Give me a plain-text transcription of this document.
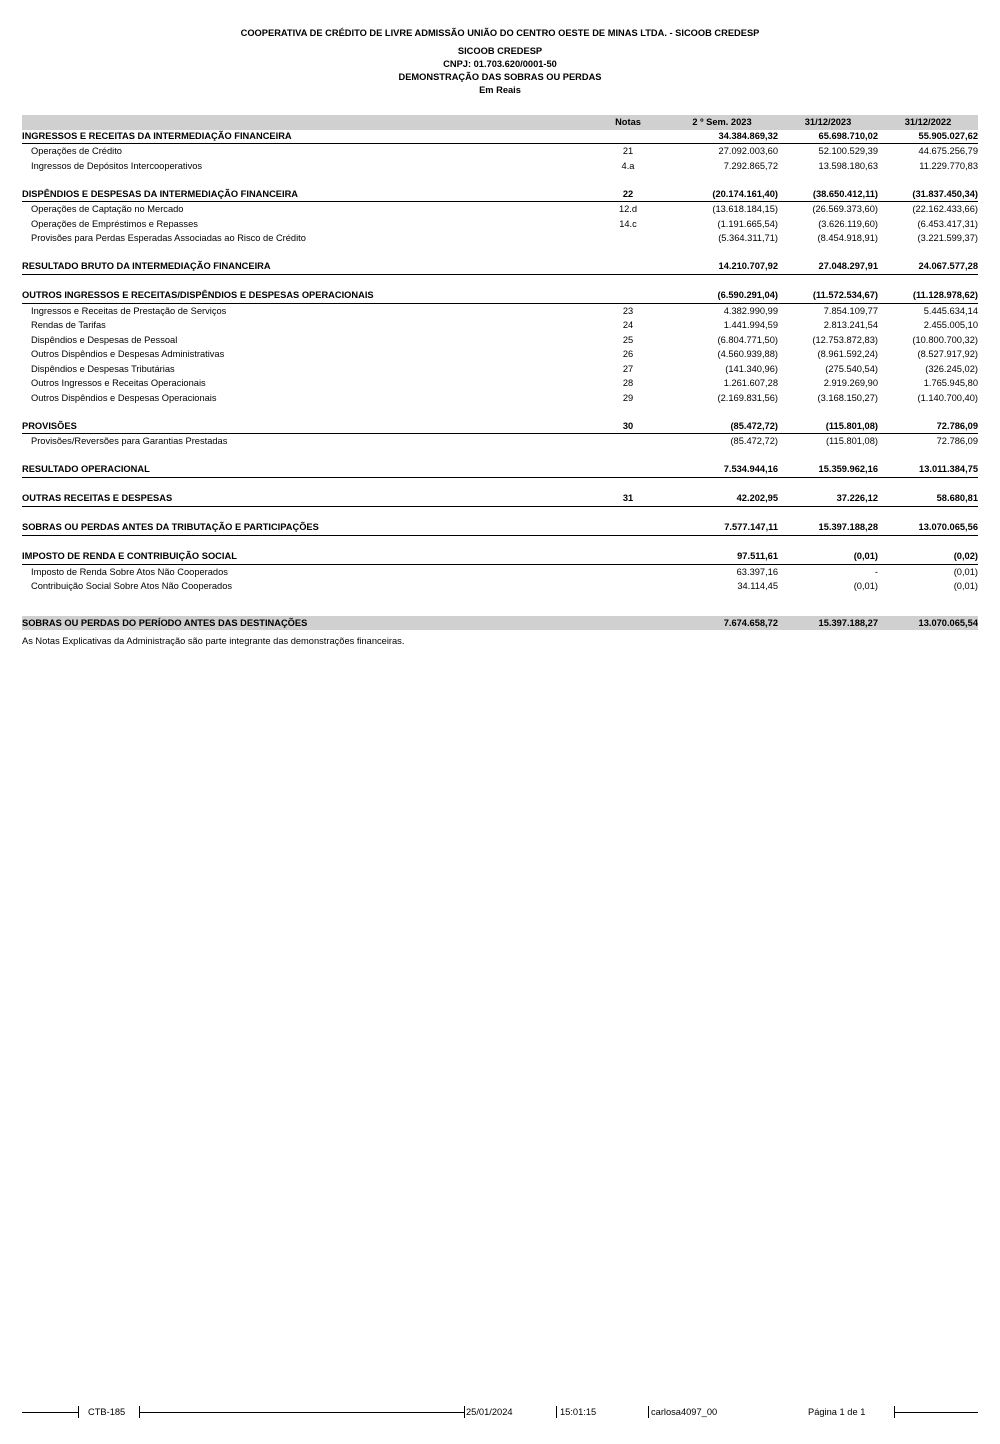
COOPERATIVA DE CRÉDITO DE LIVRE ADMISSÃO UNIÃO DO CENTRO OESTE DE MINAS LTDA. - SICOOB CREDESP
SICOOB CREDESP
CNPJ: 01.703.620/0001-50
DEMONSTRAÇÃO DAS SOBRAS OU PERDAS
Em Reais
Notas	2 º Sem. 2023	31/12/2023	31/12/2022
INGRESSOS E RECEITAS DA INTERMEDIAÇÃO FINANCEIRA	34.384.869,32	65.698.710,02	55.905.027,62
Operações de Crédito	21	27.092.003,60	52.100.529,39	44.675.256,79
Ingressos de Depósitos Intercooperativos	4.a	7.292.865,72	13.598.180,63	11.229.770,83
DISPÊNDIOS E DESPESAS DA INTERMEDIAÇÃO FINANCEIRA	22	(20.174.161,40)	(38.650.412,11)	(31.837.450,34)
Operações de Captação no Mercado	12.d	(13.618.184,15)	(26.569.373,60)	(22.162.433,66)
Operações de Empréstimos e Repasses	14.c	(1.191.665,54)	(3.626.119,60)	(6.453.417,31)
Provisões para Perdas Esperadas Associadas ao Risco de Crédito	(5.364.311,71)	(8.454.918,91)	(3.221.599,37)
RESULTADO BRUTO DA INTERMEDIAÇÃO FINANCEIRA	14.210.707,92	27.048.297,91	24.067.577,28
OUTROS INGRESSOS E RECEITAS/DISPÊNDIOS E DESPESAS OPERACIONAIS	(6.590.291,04)	(11.572.534,67)	(11.128.978,62)
Ingressos e Receitas de Prestação de Serviços	23	4.382.990,99	7.854.109,77	5.445.634,14
Rendas de Tarifas	24	1.441.994,59	2.813.241,54	2.455.005,10
Dispêndios e Despesas de Pessoal	25	(6.804.771,50)	(12.753.872,83)	(10.800.700,32)
Outros Dispêndios e Despesas Administrativas	26	(4.560.939,88)	(8.961.592,24)	(8.527.917,92)
Dispêndios e Despesas Tributárias	27	(141.340,96)	(275.540,54)	(326.245,02)
Outros Ingressos e Receitas Operacionais	28	1.261.607,28	2.919.269,90	1.765.945,80
Outros Dispêndios e Despesas Operacionais	29	(2.169.831,56)	(3.168.150,27)	(1.140.700,40)
PROVISÕES	30	(85.472,72)	(115.801,08)	72.786,09
Provisões/Reversões para Garantias Prestadas	(85.472,72)	(115.801,08)	72.786,09
RESULTADO OPERACIONAL	7.534.944,16	15.359.962,16	13.011.384,75
OUTRAS RECEITAS E DESPESAS	31	42.202,95	37.226,12	58.680,81
SOBRAS OU PERDAS ANTES DA TRIBUTAÇÃO E PARTICIPAÇÕES	7.577.147,11	15.397.188,28	13.070.065,56
IMPOSTO DE RENDA E CONTRIBUIÇÃO SOCIAL	97.511,61	(0,01)	(0,02)
Imposto de Renda Sobre Atos Não Cooperados	63.397,16	-	(0,01)
Contribuição Social Sobre Atos Não Cooperados	34.114,45	(0,01)	(0,01)
SOBRAS OU PERDAS DO PERÍODO ANTES DAS DESTINAÇÕES	7.674.658,72	15.397.188,27	13.070.065,54
As Notas Explicativas da Administração são parte integrante das demonstrações financeiras.
CTB-185	25/01/2024	15:01:15	carlosa4097_00	Página 1 de 1
